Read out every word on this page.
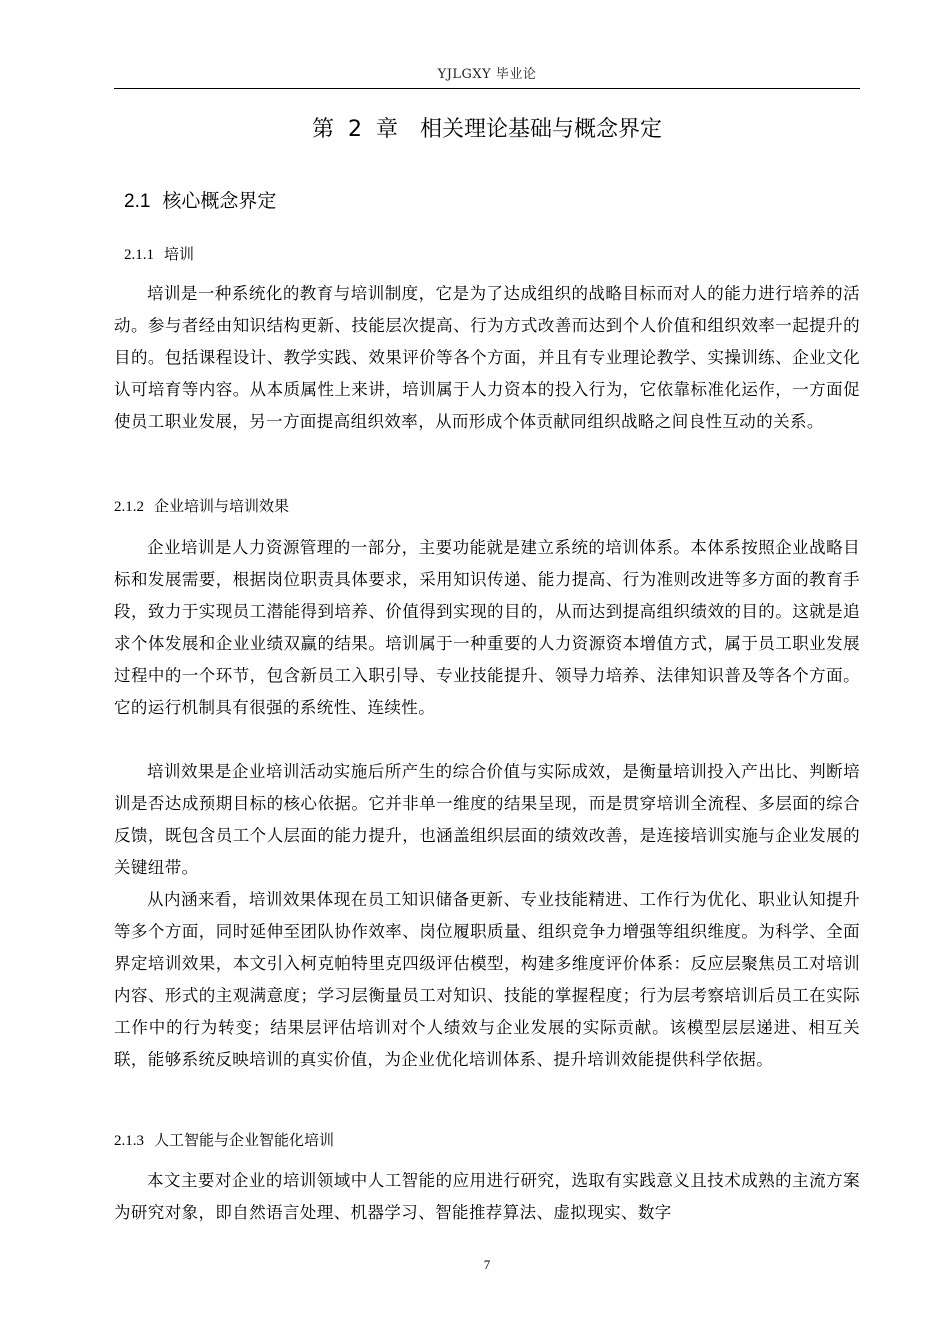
YJLGXY 毕业论
第 2 章 相关理论基础与概念界定
2.1 核心概念界定
2.1.1 培训

培训是一种系统化的教育与培训制度，它是为了达成组织的战略目标而对人的能力进行培养的活动。参与者经由知识结构更新、技能层次提高、行为方式改善而达到个人价值和组织效率一起提升的目的。包括课程设计、教学实践、效果评价等各个方面，并且有专业理论教学、实操训练、企业文化认可培育等内容。从本质属性上来讲，培训属于人力资本的投入行为，它依靠标准化运作，一方面促使员工职业发展，另一方面提高组织效率，从而形成个体贡献同组织战略之间良性互动的关系。

2.1.2 企业培训与培训效果

企业培训是人力资源管理的一部分，主要功能就是建立系统的培训体系。本体系按照企业战略目标和发展需要，根据岗位职责具体要求，采用知识传递、能力提高、行为准则改进等多方面的教育手段，致力于实现员工潜能得到培养、价值得到实现的目的，从而达到提高组织绩效的目的。这就是追求个体发展和企业业绩双赢的结果。培训属于一种重要的人力资源资本增值方式，属于员工职业发展过程中的一个环节，包含新员工入职引导、专业技能提升、领导力培养、法律知识普及等各个方面。它的运行机制具有很强的系统性、连续性。

培训效果是企业培训活动实施后所产生的综合价值与实际成效，是衡量培训投入产出比、判断培训是否达成预期目标的核心依据。它并非单一维度的结果呈现，而是贯穿培训全流程、多层面的综合反馈，既包含员工个人层面的能力提升，也涵盖组织层面的绩效改善，是连接培训实施与企业发展的关键纽带。

从内涵来看，培训效果体现在员工知识储备更新、专业技能精进、工作行为优化、职业认知提升等多个方面，同时延伸至团队协作效率、岗位履职质量、组织竞争力增强等组织维度。为科学、全面界定培训效果，本文引入柯克帕特里克四级评估模型，构建多维度评价体系：反应层聚焦员工对培训内容、形式的主观满意度；学习层衡量员工对知识、技能的掌握程度；行为层考察培训后员工在实际工作中的行为转变；结果层评估培训对个人绩效与企业发展的实际贡献。该模型层层递进、相互关联，能够系统反映培训的真实价值，为企业优化培训体系、提升培训效能提供科学依据。

2.1.3 人工智能与企业智能化培训

本文主要对企业的培训领域中人工智能的应用进行研究，选取有实践意义且技术成熟的主流方案为研究对象，即自然语言处理、机器学习、智能推荐算法、虚拟现实、数字

7
